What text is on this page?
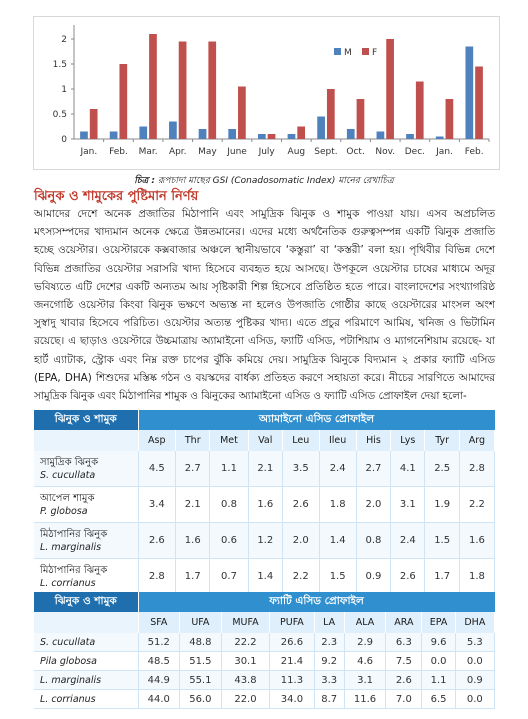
0
0.5
1
1.5
2
Jan. Feb. Mar. Apr. May June July Aug Sept. Oct. Nov. Dec. Jan. Feb.
M F
চিত্র : রূপচাদা মাছের GSI (Conadosomatic Index) মানের রেখাচিত্র
ঝিনুক ও শামুকের পুষ্টিমান নির্ণয়

আমাদের দেশে অনেক প্রজাতির মিঠাপানি এবং সামুদ্রিক ঝিনুক ও শামুক পাওয়া যায়। এসব অপ্রচলিত মৎস্যসম্পদের খাদ্যমান অনেক ক্ষেত্রে উন্নতমানের। এদের মধ্যে অর্থনৈতিক গুরুত্বসম্পন্ন একটি ঝিনুক প্রজাতি হচ্ছে ওয়েস্টার। ওয়েস্টারকে কক্সবাজার অঞ্চলে স্থানীয়ভাবে ‘কস্তুরা’ বা ‘কস্তরী’ বলা হয়। পৃথিবীর বিভিন্ন দেশে বিভিন্ন প্রজাতির ওয়েস্টার সরাসরি খাদ্য হিসেবে ব্যবহৃত হয়ে আসছে। উপকূলে ওয়েস্টার চাষের মাধ্যমে অদূর ভবিষ্যতে এটি দেশের একটি অন্যতম আয় সৃষ্টিকারী শিল্প হিসেবে প্রতিষ্ঠিত হতে পারে। বাংলাদেশের সংখ্যাগরিষ্ঠ জনগোষ্ঠি ওয়েস্টার কিংবা ঝিনুক ভক্ষণে অভ্যস্ত না হলেও উপজাতি গোষ্ঠীর কাছে ওয়েস্টারের মাংসল অংশ সুস্বাদু খাবার হিসেবে পরিচিত। ওয়েস্টার অত্যন্ত পুষ্টিকর খাদ্য। এতে প্রচুর পরিমাণে আমিষ, খনিজ ও ভিটামিন রয়েছে। এ ছাড়াও ওয়েস্টারে উচ্চমাত্রায় অ্যামাইনো এসিড, ফ্যাটি এসিড, পটাশিয়াম ও ম্যাগনেশিয়াম রয়েছে- যা হার্ট এ্যাটাক, স্ট্রোক এবং নিম্ন রক্ত চাপের ঝুঁকি কমিয়ে দেয়। সামুদ্রিক ঝিনুকে বিদ্যমান ২ প্রকার ফ্যাটি এসিড (EPA, DHA) শিশুদের মস্তিষ্ক গঠন ও বয়স্কদের বার্ধক্য প্রতিহত করণে সহায়তা করে। নীচের সারণিতে আমাদের সামুদ্রিক ঝিনুক এবং মিঠাপানির শামুক ও ঝিনুকের অ্যামাইনো এসিড ও ফ্যাটি এসিড প্রোফাইল দেয়া হলো-

ঝিনুক ও শামুক	অ্যামাইনো এসিড প্রোফাইল									
	Asp	Thr	Met	Val	Leu	Ileu	His	Lys	Tyr	Arg

সামুদ্রিক ঝিনুক
S. cucullata	4.5	2.7	1.1	2.1	3.5	2.4	2.7	4.1	2.5	2.8

আপেল শামুক
P. globosa	3.4	2.1	0.8	1.6	2.6	1.8	2.0	3.1	1.9	2.2

মিঠাপানির ঝিনুক
L. marginalis	2.6	1.6	0.6	1.2	2.0	1.4	0.8	2.4	1.5	1.6

মিঠাপানির ঝিনুক
L. corrianus	2.8	1.7	0.7	1.4	2.2	1.5	0.9	2.6	1.7	1.8
ঝিনুক ও শামুক	ফ্যাটি এসিড প্রোফাইল								
	SFA	UFA	MUFA	PUFA	LA	ALA	ARA	EPA	DHA

S. cucullata	51.2	48.8	22.2	26.6	2.3	2.9	6.3	9.6	5.3

Pila globosa	48.5	51.5	30.1	21.4	9.2	4.6	7.5	0.0	0.0

L. marginalis	44.9	55.1	43.8	11.3	3.3	3.1	2.6	1.1	0.9

L. corrianus	44.0	56.0	22.0	34.0	8.7	11.6	7.0	6.5	0.0
